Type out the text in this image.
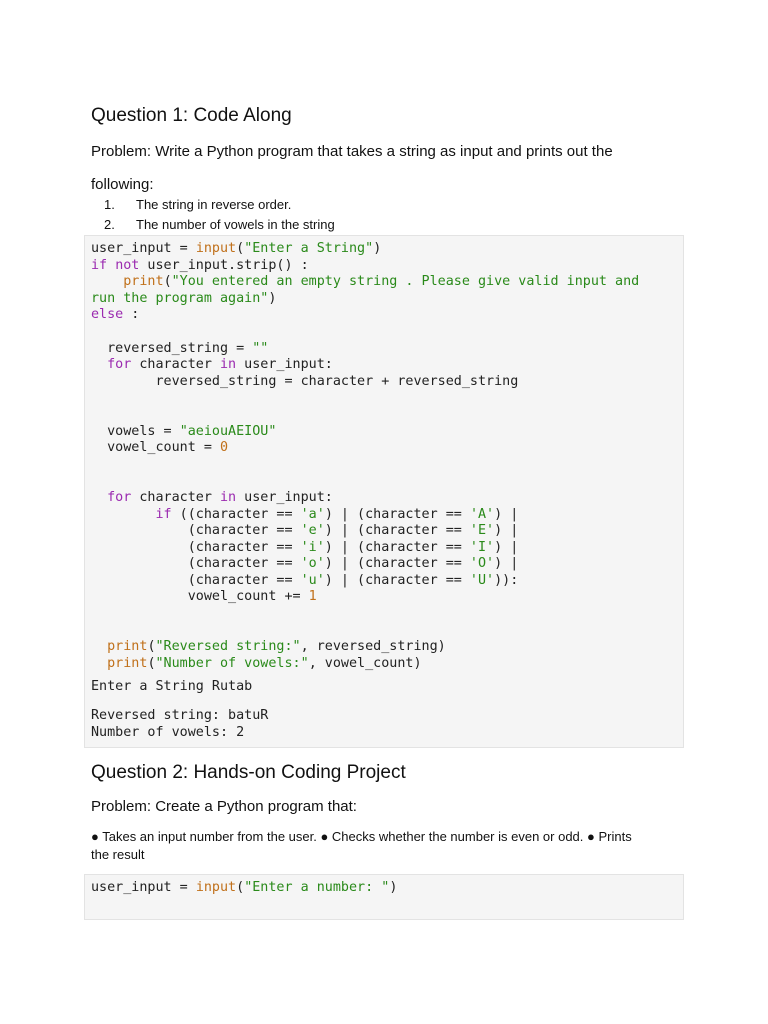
Question 1: Code Along

Problem: Write a Python program that takes a string as input and prints out the

following:

1. The string in reverse order.
2. The number of vowels in the string
user_input = input("Enter a String")
if not user_input.strip() :
print("You entered an empty string . Please give valid input and
run the program again")
else :

reversed_string = ""
for character in user_input:
reversed_string = character + reversed_string

vowels = "aeiouAEIOU"
vowel_count = 0

for character in user_input:
if ((character == 'a') | (character == 'A') |
(character == 'e') | (character == 'E') |
(character == 'i') | (character == 'I') |
(character == 'o') | (character == 'O') |
(character == 'u') | (character == 'U')):
vowel_count += 1

print("Reversed string:", reversed_string)
print("Number of vowels:", vowel_count)
Enter a String Rutab
Reversed string: batuR
Number of vowels: 2
Question 2: Hands-on Coding Project

Problem: Create a Python program that:

● Takes an input number from the user. ● Checks whether the number is even or odd. ● Prints

the result

user_input = input("Enter a number: ")
